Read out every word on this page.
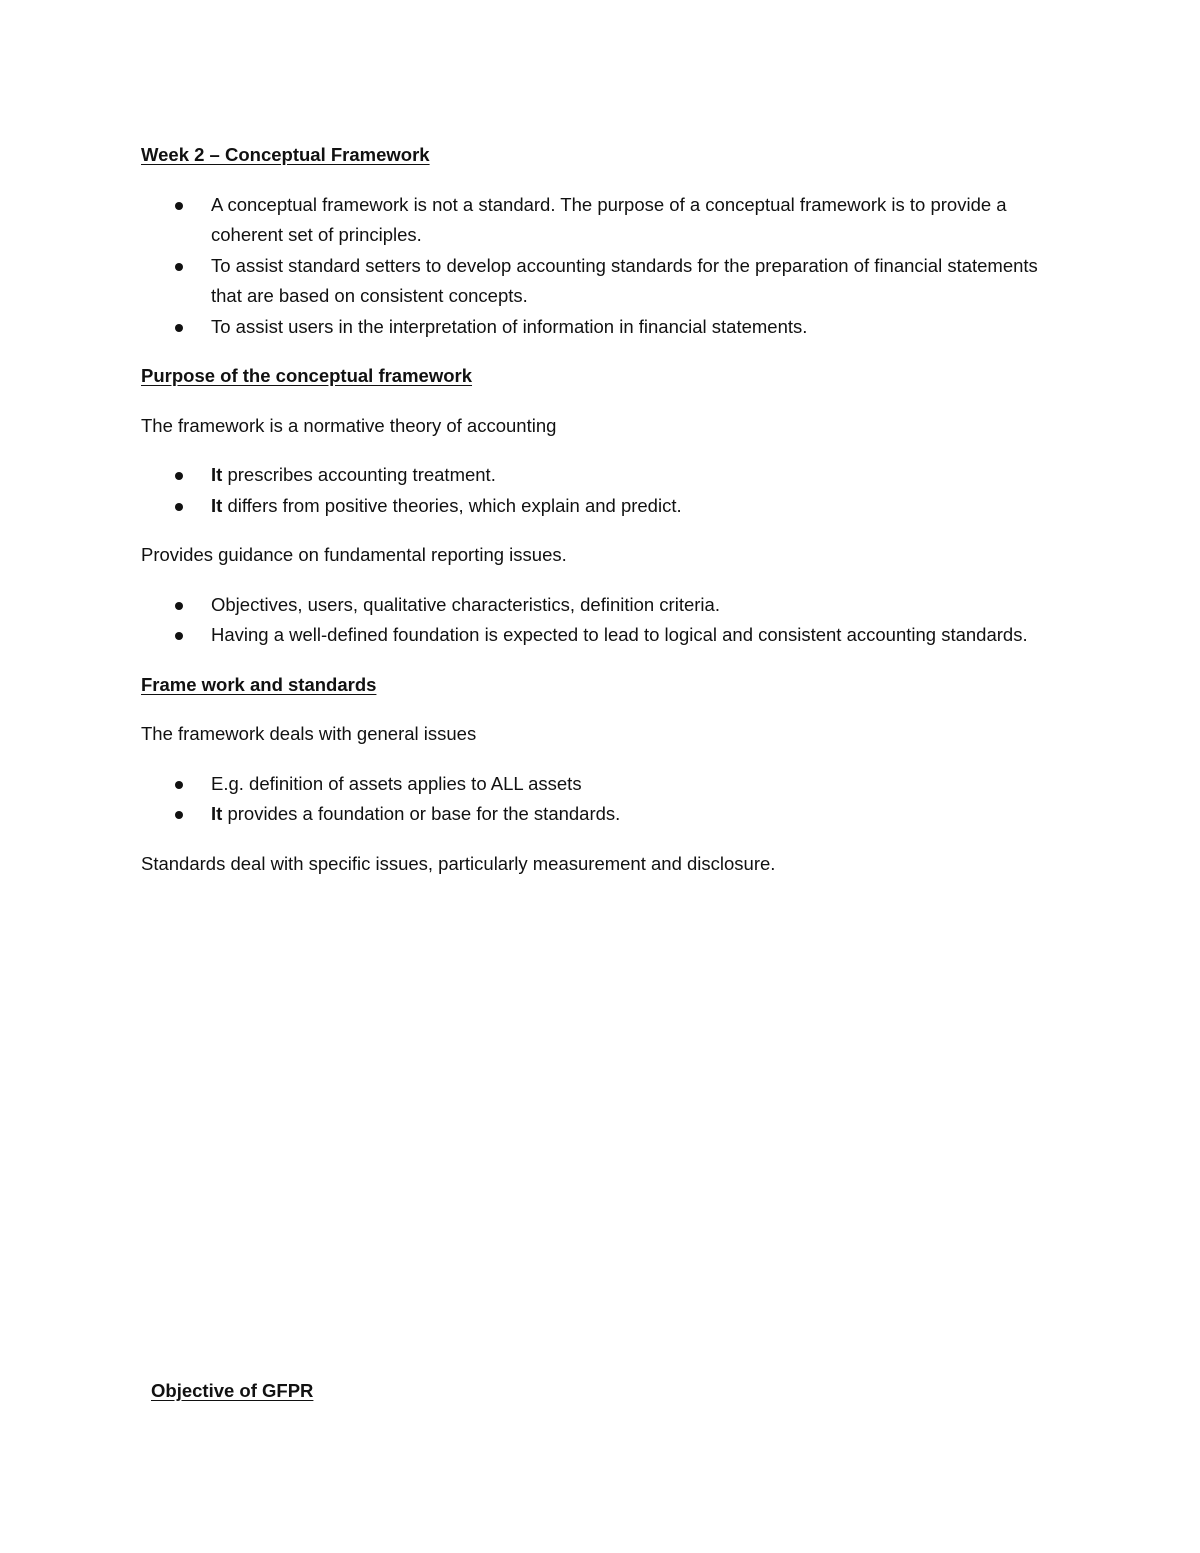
Week 2 – Conceptual Framework

A conceptual framework is not a standard. The purpose of a conceptual framework is to provide a coherent set of principles.
To assist standard setters to develop accounting standards for the preparation of financial statements that are based on consistent concepts.
To assist users in the interpretation of information in financial statements.

Purpose of the conceptual framework

The framework is a normative theory of accounting

It prescribes accounting treatment.
It differs from positive theories, which explain and predict.

Provides guidance on fundamental reporting issues.

Objectives, users, qualitative characteristics, definition criteria.
Having a well-defined foundation is expected to lead to logical and consistent accounting standards.

Frame work and standards

The framework deals with general issues

E.g. definition of assets applies to ALL assets
It provides a foundation or base for the standards.

Standards deal with specific issues, particularly measurement and disclosure.

Objective of GFPR
